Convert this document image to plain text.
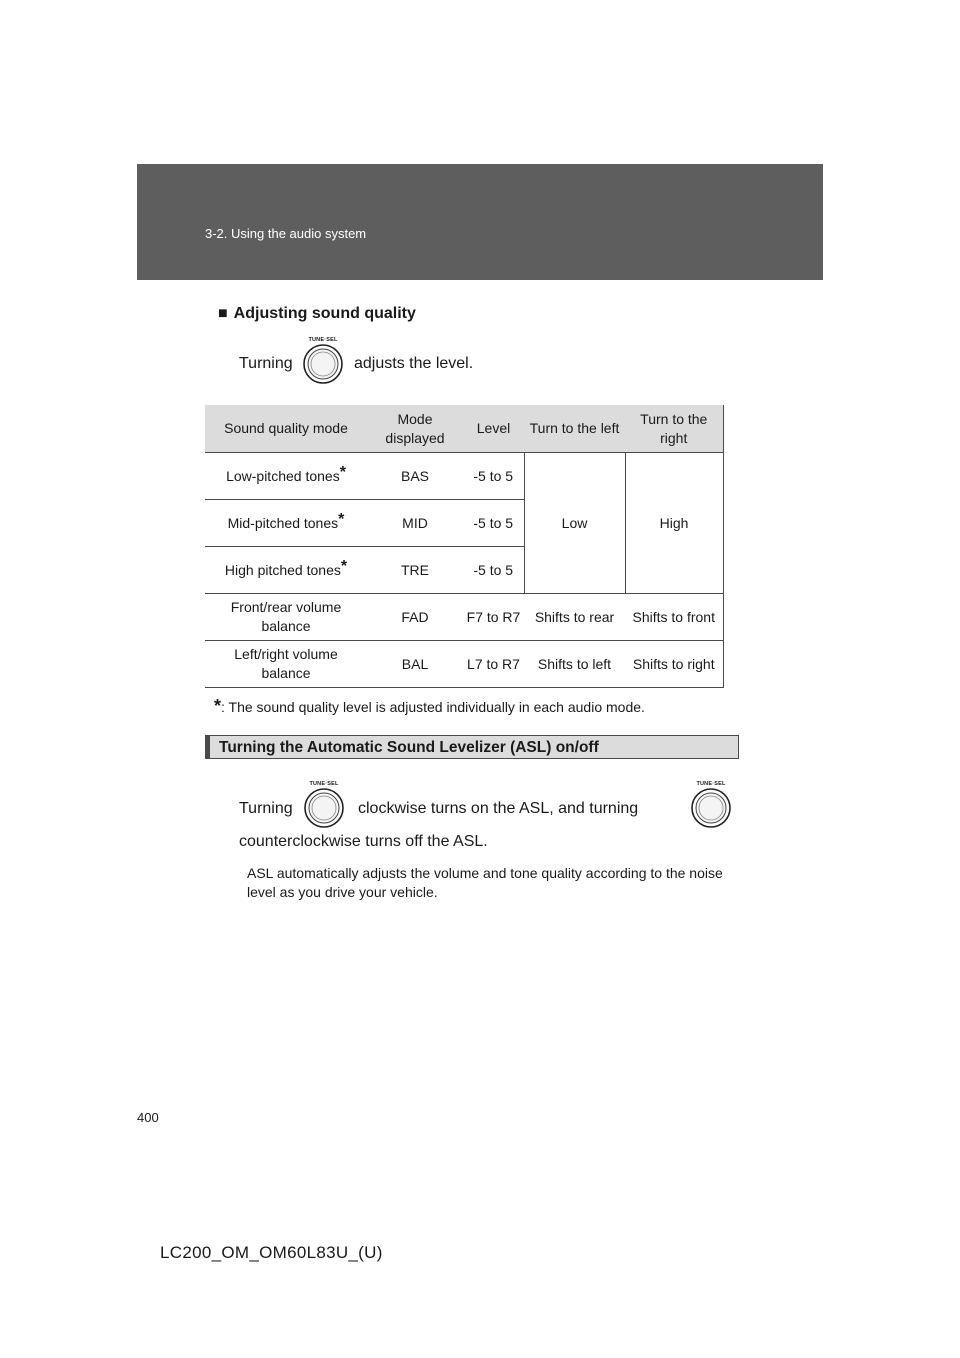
3-2. Using the audio system
■ Adjusting sound quality
Turning
TUNE·SEL
adjusts the level.
Sound quality mode	Mode displayed	Level	Turn to the left	Turn to the right
Low-pitched tones*	BAS	-5 to 5	Low	High
Mid-pitched tones*	MID	-5 to 5		
High pitched tones*	TRE	-5 to 5		
Front/rear volume balance	FAD	F7 to R7	Shifts to rear	Shifts to front
Left/right volume balance	BAL	L7 to R7	Shifts to left	Shifts to right
*: The sound quality level is adjusted individually in each audio mode.
Turning the Automatic Sound Levelizer (ASL) on/off
Turning
TUNE·SEL
clockwise turns on the ASL, and turning
TUNE·SEL
counterclockwise turns off the ASL.
ASL automatically adjusts the volume and tone quality according to the noise level as you drive your vehicle.
400
LC200_OM_OM60L83U_(U)
